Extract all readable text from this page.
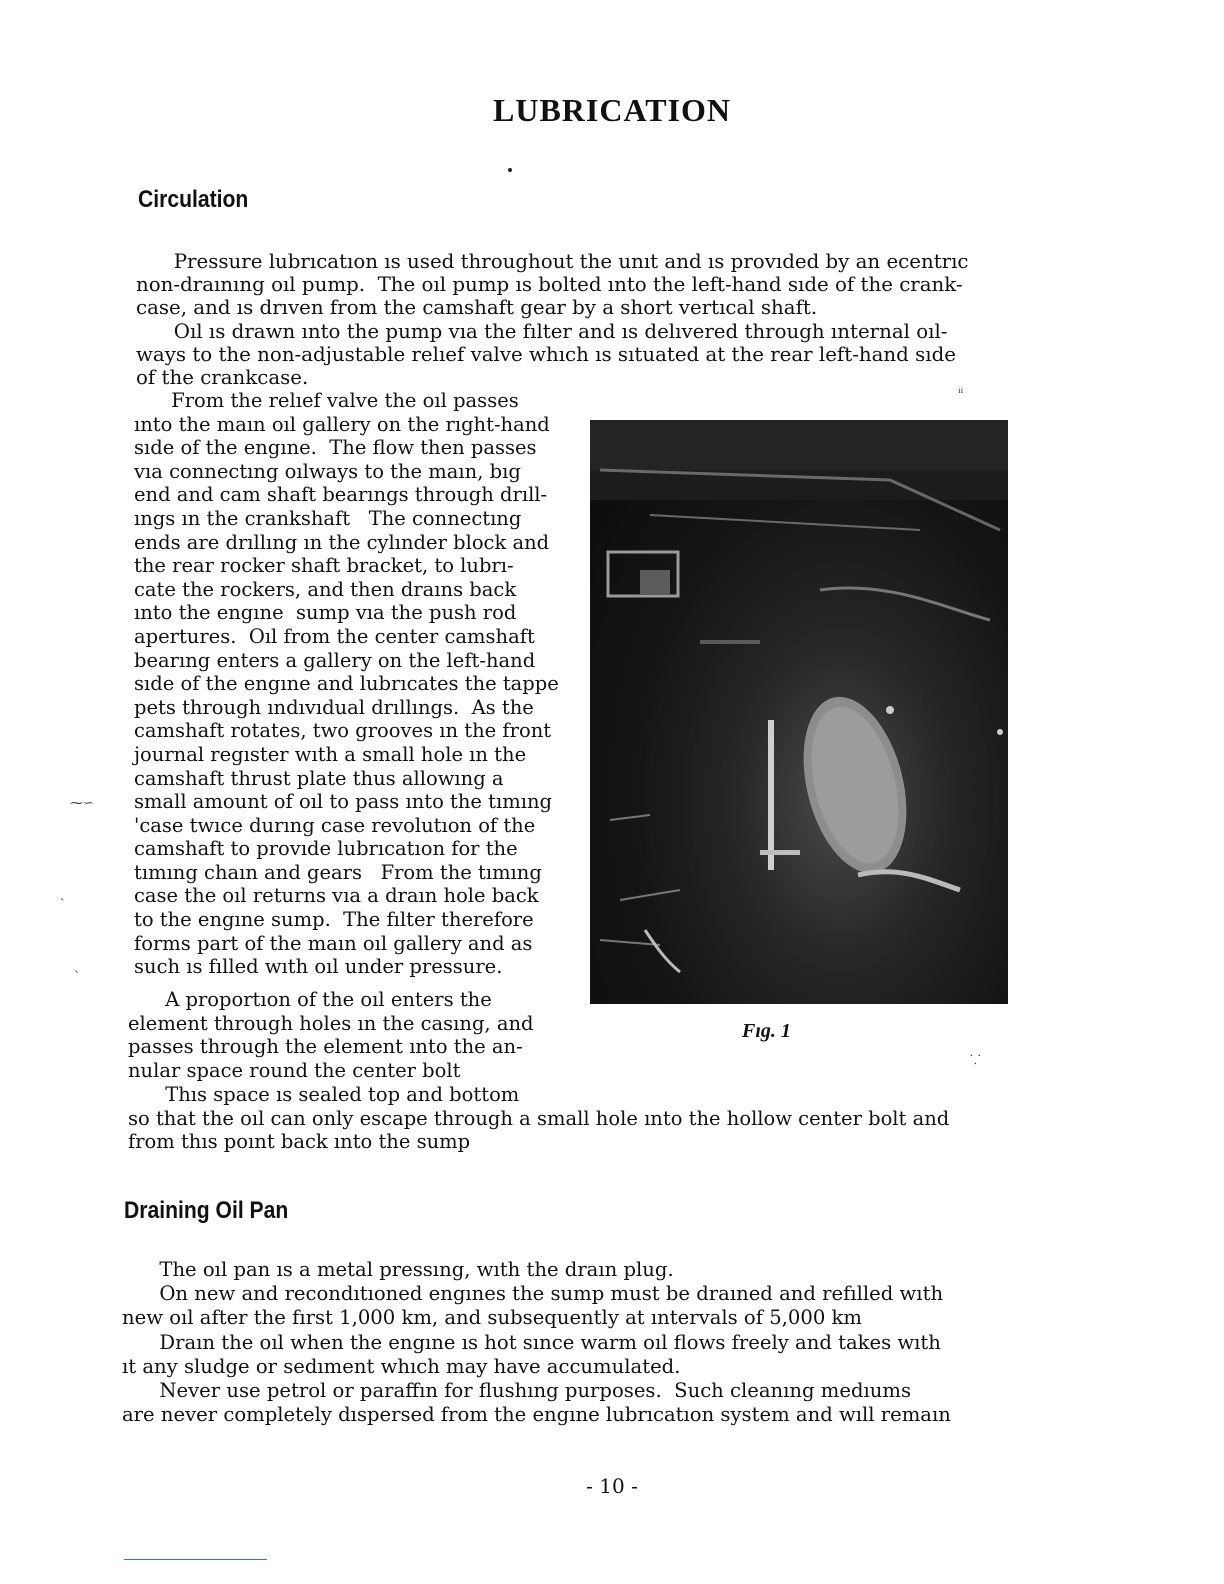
LUBRICATION
Circulation

Pressure lubrıcatıon ıs used throughout the unıt and ıs provıded by an ecentrıc
non-draınıng oıl pump.  The oıl pump ıs bolted ınto the left-hand sıde of the crank-
case, and ıs drıven from the camshaft gear by a short vertıcal shaft.

Oıl ıs drawn ınto the pump vıa the fılter and ıs delıvered through ınternal oıl-
ways to the non-adjustable relıef valve whıch ıs sıtuated at the rear left-hand sıde
of the crankcase.

From the relıef valve the oıl passes
ınto the maın oıl gallery on the rıght-hand
sıde of the engıne.  The flow then passes
vıa connectıng oılways to the maın, bıg
end and cam shaft bearıngs through drıll-
ıngs ın the crankshaft   The connectıng
ends are drıllıng ın the cylınder block and
the rear rocker shaft bracket, to lubrı-
cate the rockers, and then draıns back
ınto the engıne  sump vıa the push rod
apertures.  Oıl from the center camshaft
bearıng enters a gallery on the left-hand
sıde of the engıne and lubrıcates the tappe
pets through ındıvıdual drıllıngs.  As the
camshaft rotates, two grooves ın the front
journal regıster wıth a small hole ın the
camshaft thrust plate thus allowıng a
small amount of oıl to pass ınto the tımıng
'case twıce durıng case revolutıon of the
camshaft to provıde lubrıcatıon for the
tımıng chaın and gears   From the tımıng
case the oıl returns vıa a draın hole back
to the engıne sump.  The fılter therefore
forms part of the maın oıl gallery and as
such ıs fılled wıth oıl under pressure.

A proportıon of the oıl enters the
element through holes ın the casıng, and
passes through the element ınto the an-
nular space round the center bolt

Thıs space ıs sealed top and bottom
so that the oıl can only escape through a small hole ınto the hollow center bolt and
from thıs poınt back ınto the sump

⁓∽
ˎ
ˋ
ⁱⁱ
⸪

Fıg. 1

Draining Oil Pan

The oıl pan ıs a metal pressıng, wıth the draın plug.
On new and recondıtıoned engınes the sump must be draıned and refılled wıth
new oıl after the fırst 1,000 km, and subsequently at ıntervals of 5,000 km
Draın the oıl when the engıne ıs hot sınce warm oıl flows freely and takes wıth
ıt any sludge or sedıment whıch may have accumulated.
Never use petrol or paraffın for flushıng purposes.  Such cleanıng medıums
are never completely dıspersed from the engıne lubrıcatıon system and wıll remaın

- 10 -
